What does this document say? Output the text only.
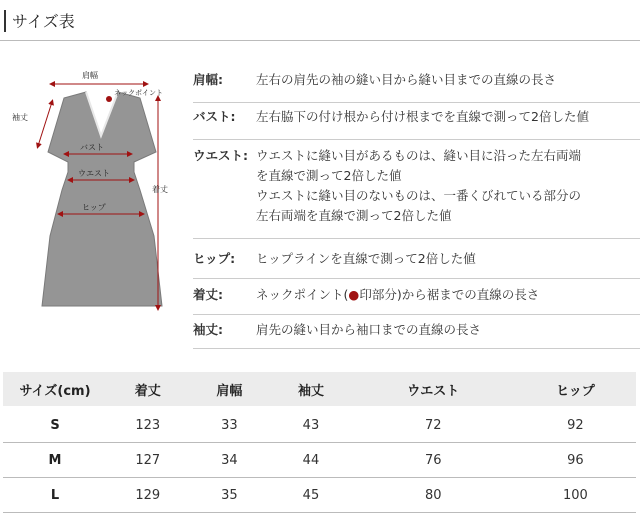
サイズ表
肩幅
ネックポイント
袖丈
着丈
バスト
ウエスト
ヒップ
肩幅:	左右の肩先の袖の縫い目から縫い目までの直線の長さ
バスト: 左右脇下の付け根から付け根までを直線で測って2倍した値
ウエスト: ウエストに縫い目があるものは、縫い目に沿った左右両端
を直線で測って2倍した値
ウエストに縫い目のないものは、一番くびれている部分の
左右両端を直線で測って2倍した値
ヒップ: ヒップラインを直線で測って2倍した値
着丈:	ネックポイント(●印部分)から裾までの直線の長さ
袖丈:	肩先の縫い目から袖口までの直線の長さ
サイズ(cm)	着丈	肩幅	袖丈	ウエスト	ヒップ
S	123	33	43	72	92
M	127	34	44	76	96
L	129	35	45	80	100
